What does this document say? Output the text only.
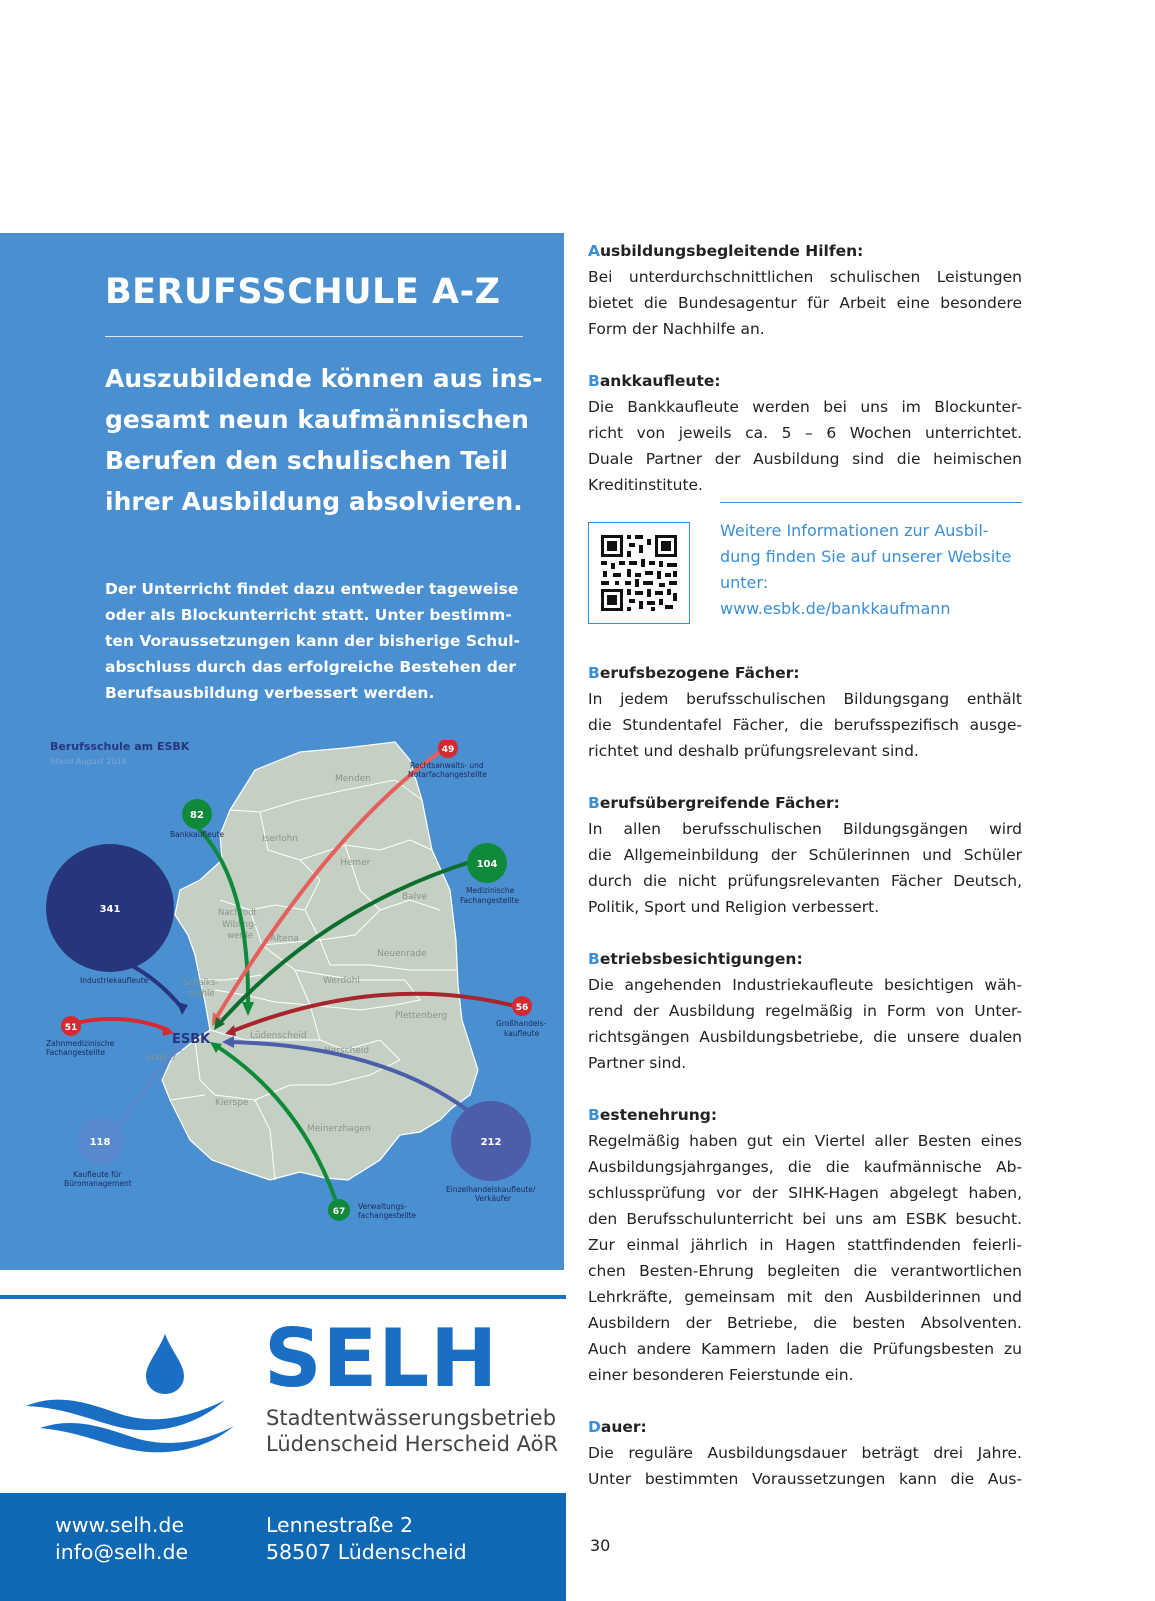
BERUFSSCHULE A-Z

Auszubildende können aus ins-
gesamt neun kaufmännischen
Berufen den schulischen Teil
ihrer Ausbildung absolvieren.

Der Unterricht findet dazu entweder tageweise
oder als Blockunterricht statt. Unter bestimm-
ten Voraussetzungen kann der bisherige Schul-
abschluss durch das erfolgreiche Bestehen der
Berufsausbildung verbessert werden.

Berufsschule am ESBK
Stand August 2018
Menden
Iserlohn
Hemer
Balve
Nachrodt
Wibling-
werde Altena
Neuenrade
Schalks-
mühle
Werdohl
Plettenberg
Lüdenscheid
Herscheid
Halver
Kierspe
Meinerzhagen
ESBK
341
82
49
104
56
51
118	212
67
Industriekaufleute
Bankkaufleute
Rechtsanwalts- und
Notarfachangestellte
Medizinische
Fachangestellte
Großhandels-
kaufleute
Zahnmedizinische
Fachangestellte
Kaufleute für
Büromanagement
Einzelhandelskaufleute/
Verkäufer
Verwaltungs-
fachangestellte
SELH

Stadtentwässerungsbetrieb
Lüdenscheid Herscheid AöR

www.selh.de
info@selh.de

Lennestraße 2
58507 Lüdenscheid

Ausbildungsbegleitende Hilfen:
Bei unterdurchschnittlichen schulischen Leistungen
bietet die Bundesagentur für Arbeit eine besondere
Form der Nachhilfe an.
Bankkaufleute:
Die Bankkaufleute werden bei uns im Blockunter-
richt von jeweils ca. 5 – 6 Wochen unterrichtet.
Duale Partner der Ausbildung sind die heimischen
Kreditinstitute.

Weitere Informationen zur Ausbil-
dung finden Sie auf unserer Website
unter:
www.esbk.de/bankkaufmann

Berufsbezogene Fächer:
In jedem berufsschulischen Bildungsgang enthält
die Stundentafel Fächer, die berufsspezifisch ausge-
richtet und deshalb prüfungsrelevant sind.
Berufsübergreifende Fächer:
In allen berufsschulischen Bildungsgängen wird
die Allgemeinbildung der Schülerinnen und Schüler
durch die nicht prüfungsrelevanten Fächer Deutsch,
Politik, Sport und Religion verbessert.
Betriebsbesichtigungen:
Die angehenden Industriekaufleute besichtigen wäh-
rend der Ausbildung regelmäßig in Form von Unter-
richtsgängen Ausbildungsbetriebe, die unsere dualen
Partner sind.
Bestenehrung:
Regelmäßig haben gut ein Viertel aller Besten eines
Ausbildungsjahrganges, die die kaufmännische Ab-
schlussprüfung vor der SIHK-Hagen abgelegt haben,
den Berufsschulunterricht bei uns am ESBK besucht.
Zur einmal jährlich in Hagen stattfindenden feierli-
chen Besten-Ehrung begleiten die verantwortlichen
Lehrkräfte, gemeinsam mit den Ausbilderinnen und
Ausbildern der Betriebe, die besten Absolventen.
Auch andere Kammern laden die Prüfungsbesten zu
einer besonderen Feierstunde ein.
Dauer:
Die reguläre Ausbildungsdauer beträgt drei Jahre.
Unter bestimmten Voraussetzungen kann die Aus-
30
